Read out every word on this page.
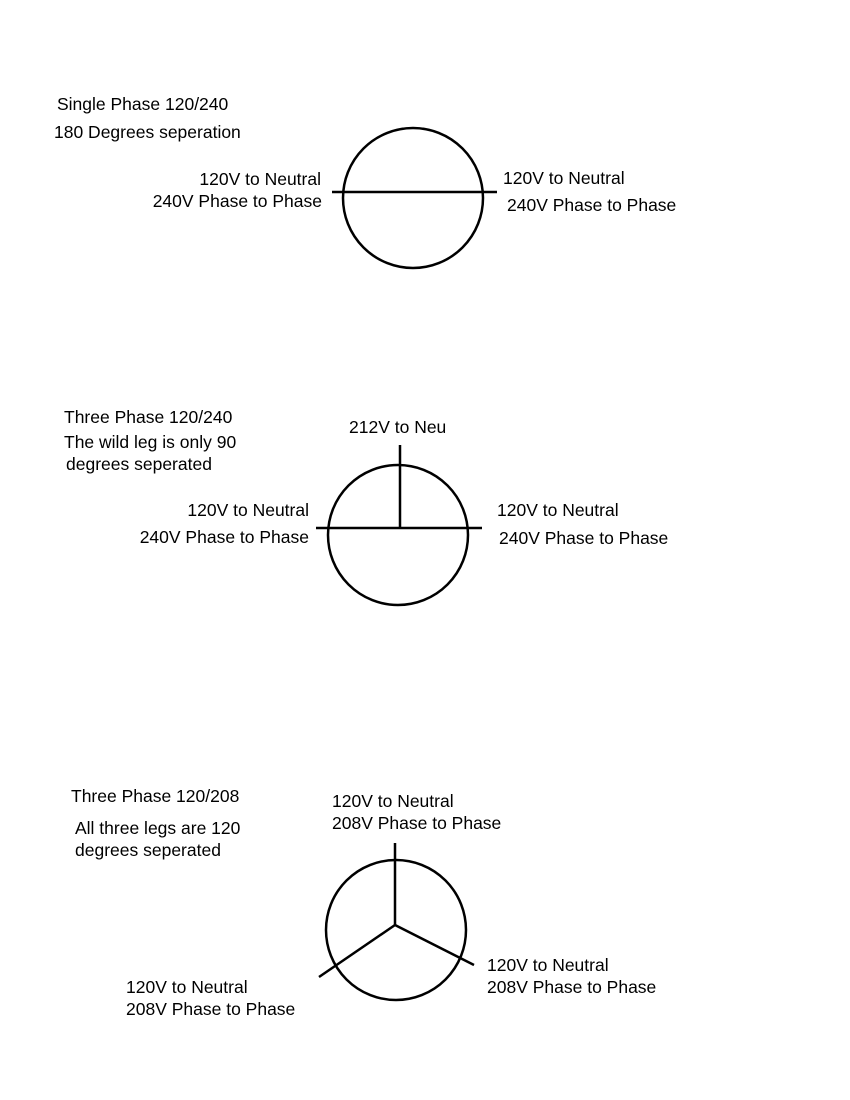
Single Phase 120/240
180 Degrees seperation
120V to Neutral
240V Phase to Phase
120V to Neutral
240V Phase to Phase
Three Phase 120/240
The wild leg is only 90
degrees seperated
212V to Neu
120V to Neutral
240V Phase to Phase
120V to Neutral
240V Phase to Phase
Three Phase 120/208
All three legs are 120
degrees seperated
120V to Neutral
208V Phase to Phase
120V to Neutral
208V Phase to Phase
120V to Neutral
208V Phase to Phase
